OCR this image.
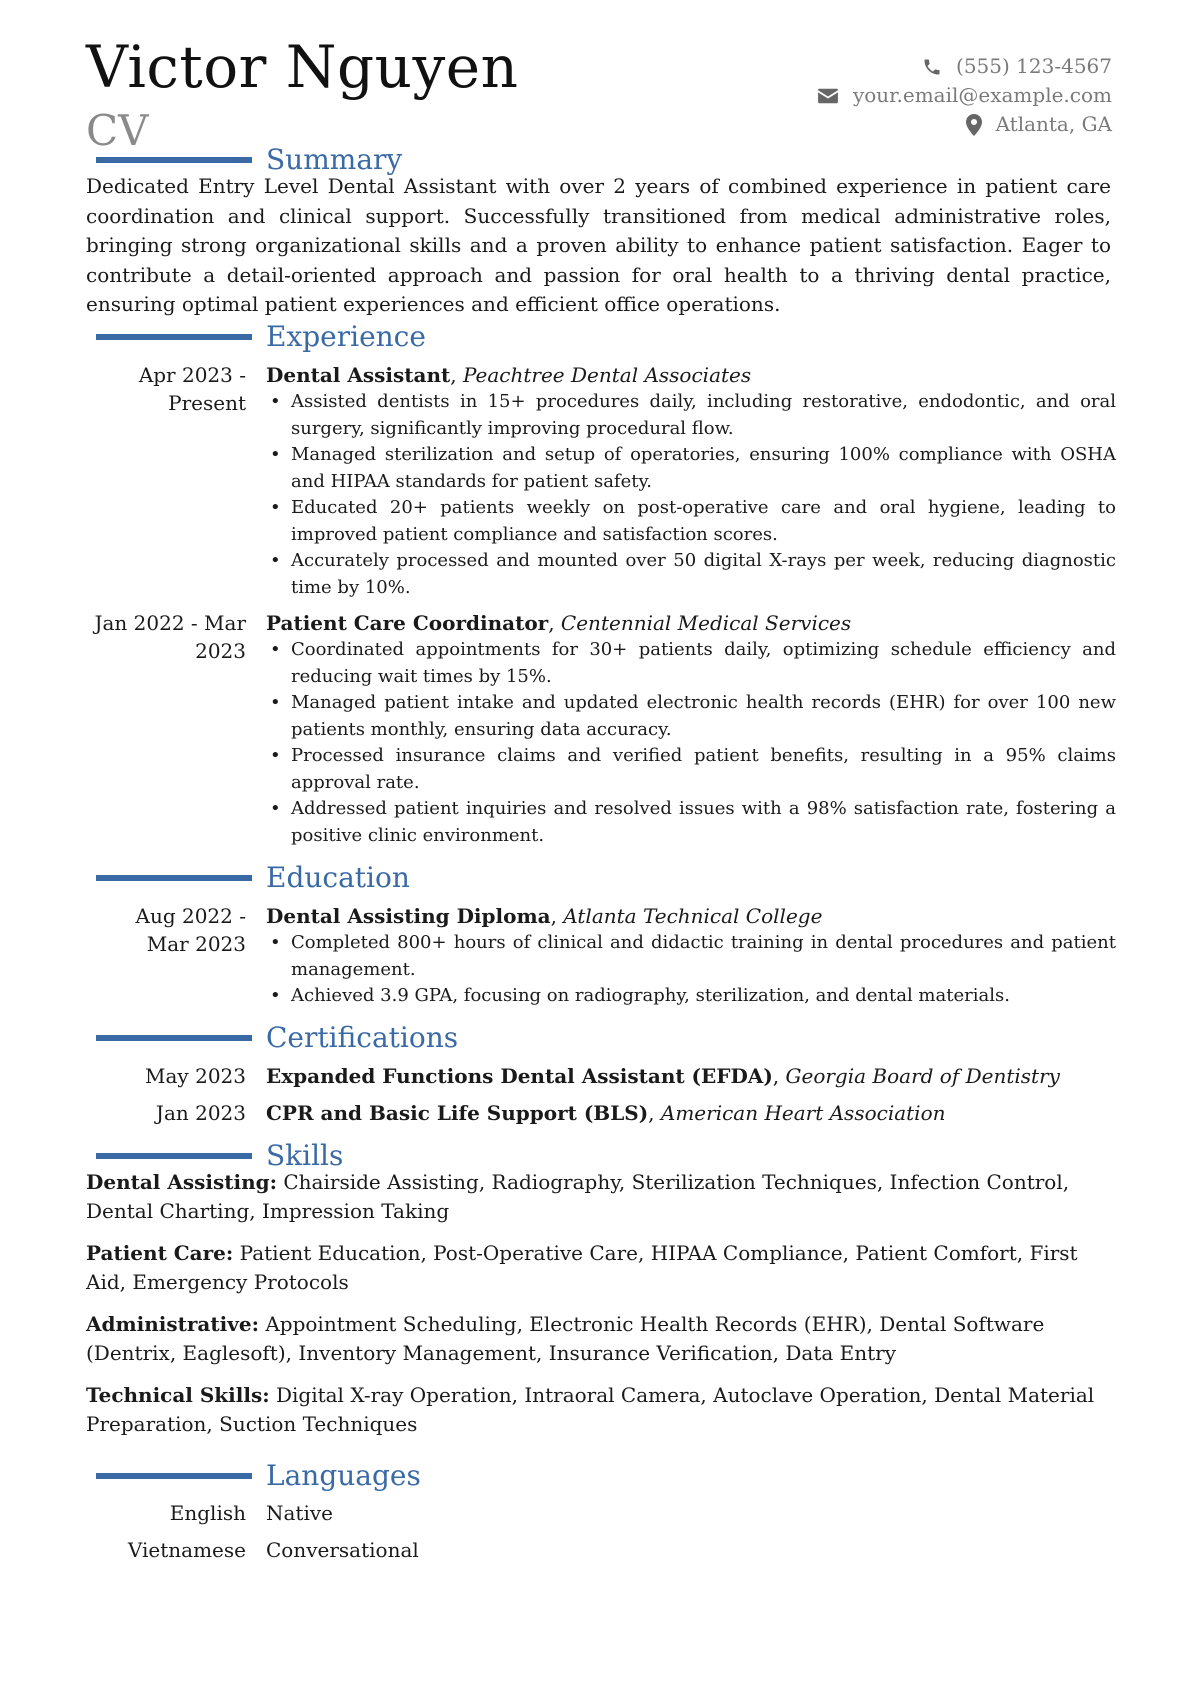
Victor Nguyen
CV
(555) 123-4567
your.email@example.com
Atlanta, GA
Summary
Dedicated Entry Level Dental Assistant with over 2 years of combined experience in patient care coordination and clinical support. Successfully transitioned from medical administrative roles, bringing strong organizational skills and a proven ability to enhance patient satisfaction. Eager to contribute a detail-oriented approach and passion for oral health to a thriving dental practice, ensuring optimal patient experiences and efficient office operations.
Experience
Apr 2023 -
Present
Dental Assistant, Peachtree Dental Associates
• Assisted dentists in 15+ procedures daily, including restorative, endodontic, and oral surgery, significantly improving procedural flow.
• Managed sterilization and setup of operatories, ensuring 100% compliance with OSHA and HIPAA standards for patient safety.
• Educated 20+ patients weekly on post-operative care and oral hygiene, leading to improved patient compliance and satisfaction scores.
• Accurately processed and mounted over 50 digital X-rays per week, reducing diagnostic time by 10%.
Jan 2022 - Mar
2023
Patient Care Coordinator, Centennial Medical Services
• Coordinated appointments for 30+ patients daily, optimizing schedule efficiency and reducing wait times by 15%.
• Managed patient intake and updated electronic health records (EHR) for over 100 new patients monthly, ensuring data accuracy.
• Processed insurance claims and verified patient benefits, resulting in a 95% claims approval rate.
• Addressed patient inquiries and resolved issues with a 98% satisfaction rate, fostering a positive clinic environment.
Education
Aug 2022 -
Mar 2023
Dental Assisting Diploma, Atlanta Technical College
• Completed 800+ hours of clinical and didactic training in dental procedures and patient management.
• Achieved 3.9 GPA, focusing on radiography, sterilization, and dental materials.
Certifications
May 2023 Expanded Functions Dental Assistant (EFDA), Georgia Board of Dentistry
Jan 2023 CPR and Basic Life Support (BLS), American Heart Association
Skills
Dental Assisting: Chairside Assisting, Radiography, Sterilization Techniques, Infection Control, Dental Charting, Impression Taking
Patient Care: Patient Education, Post-Operative Care, HIPAA Compliance, Patient Comfort, First Aid, Emergency Protocols
Administrative: Appointment Scheduling, Electronic Health Records (EHR), Dental Software (Dentrix, Eaglesoft), Inventory Management, Insurance Verification, Data Entry
Technical Skills: Digital X-ray Operation, Intraoral Camera, Autoclave Operation, Dental Material Preparation, Suction Techniques
Languages
English Native
Vietnamese Conversational
